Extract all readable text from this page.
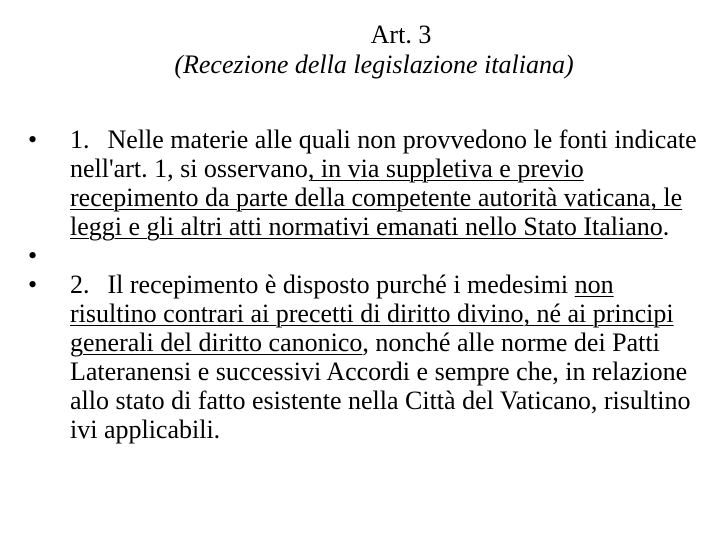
Art. 3
(Recezione della legislazione italiana)
•	1. Nelle materie alle quali non provvedono le fonti indicate nell'art. 1, si osservano, in via suppletiva e previo recepimento da parte della competente autorità vaticana, le leggi e gli altri atti normativi emanati nello Stato Italiano.
•
•	2. Il recepimento è disposto purché i medesimi non risultino contrari ai precetti di diritto divino, né ai principi generali del diritto canonico, nonché alle norme dei Patti Lateranensi e successivi Accordi e sempre che, in relazione allo stato di fatto esistente nella Città del Vaticano, risultino ivi applicabili.
